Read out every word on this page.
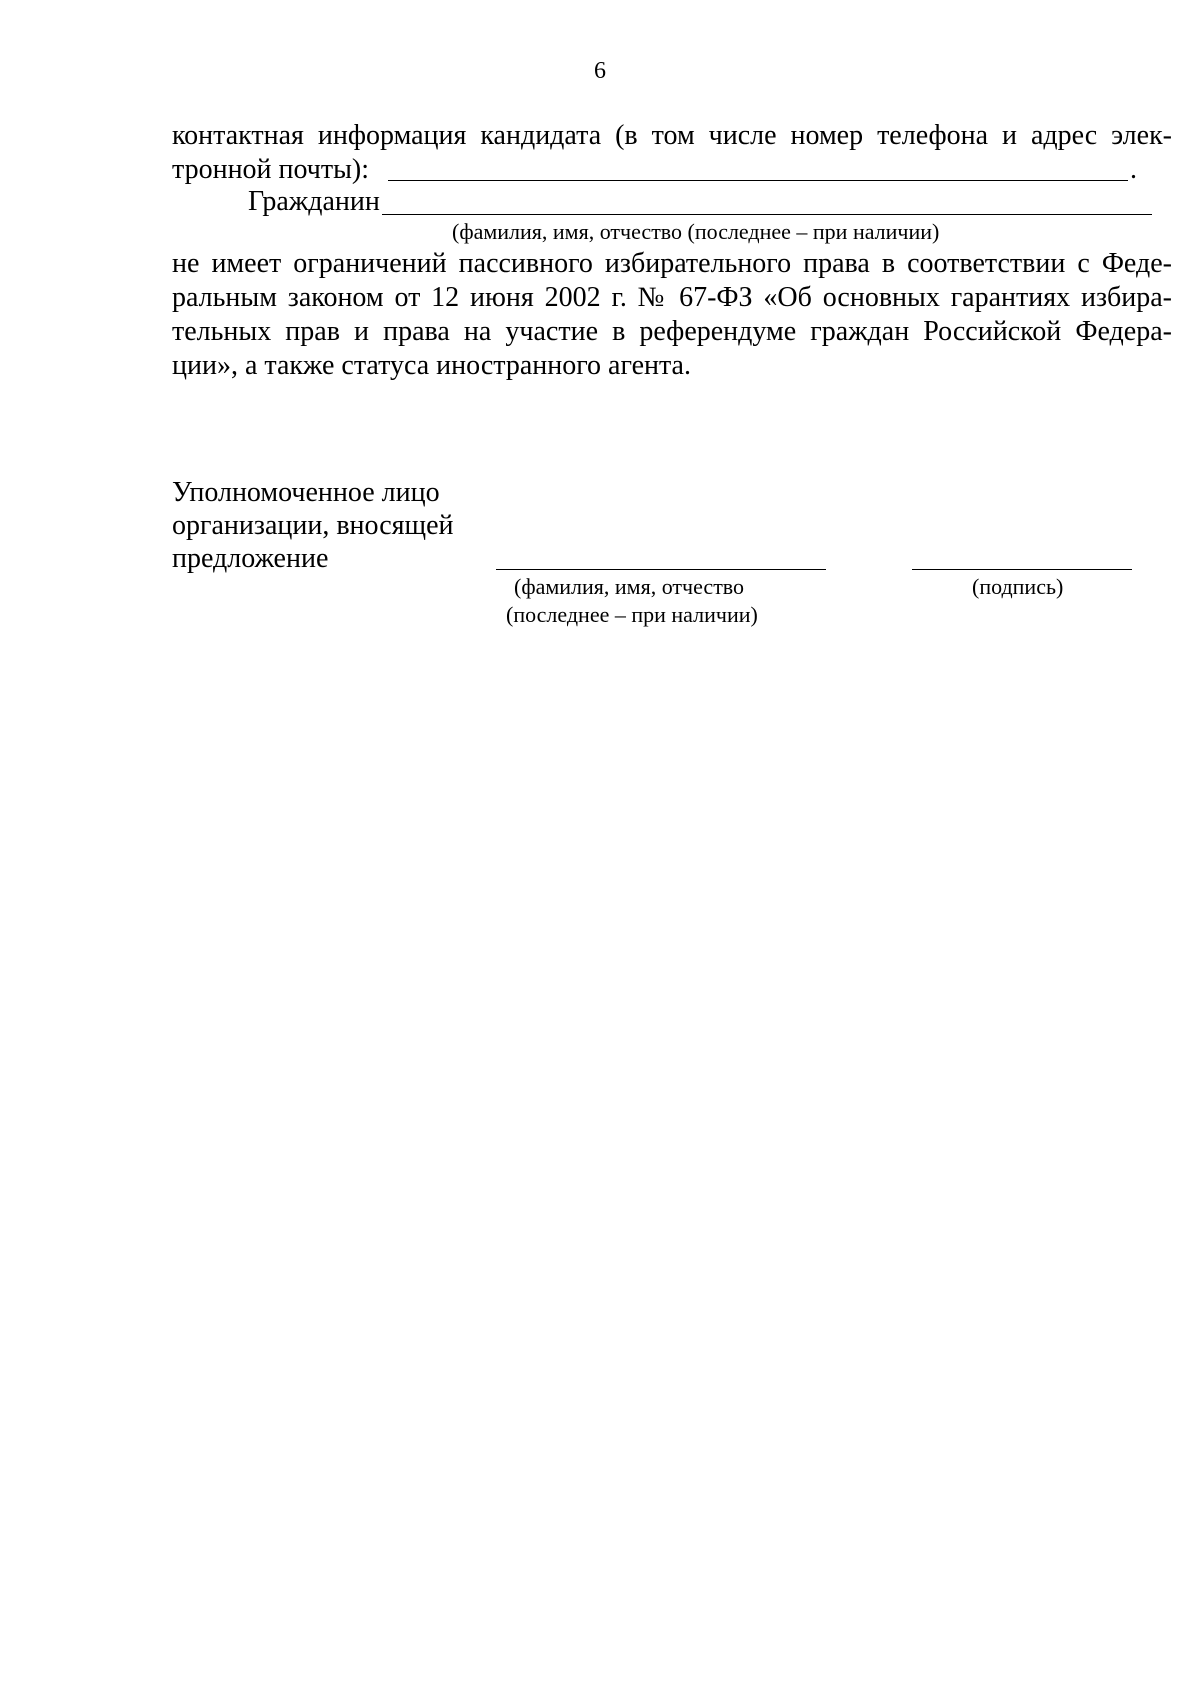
6
контактная информация кандидата (в том числе номер телефона и адрес элек-
тронной почты):	.
Гражданин
(фамилия, имя, отчество (последнее – при наличии)
не имеет ограничений пассивного избирательного права в соответствии с Феде-
ральным законом от 12 июня 2002 г. № 67-ФЗ «Об основных гарантиях избира-
тельных прав и права на участие в референдуме граждан Российской Федера-
ции», а также статуса иностранного агента.
Уполномоченное лицо
организации, вносящей
предложение
(фамилия, имя, отчество
(последнее – при наличии)
(подпись)
